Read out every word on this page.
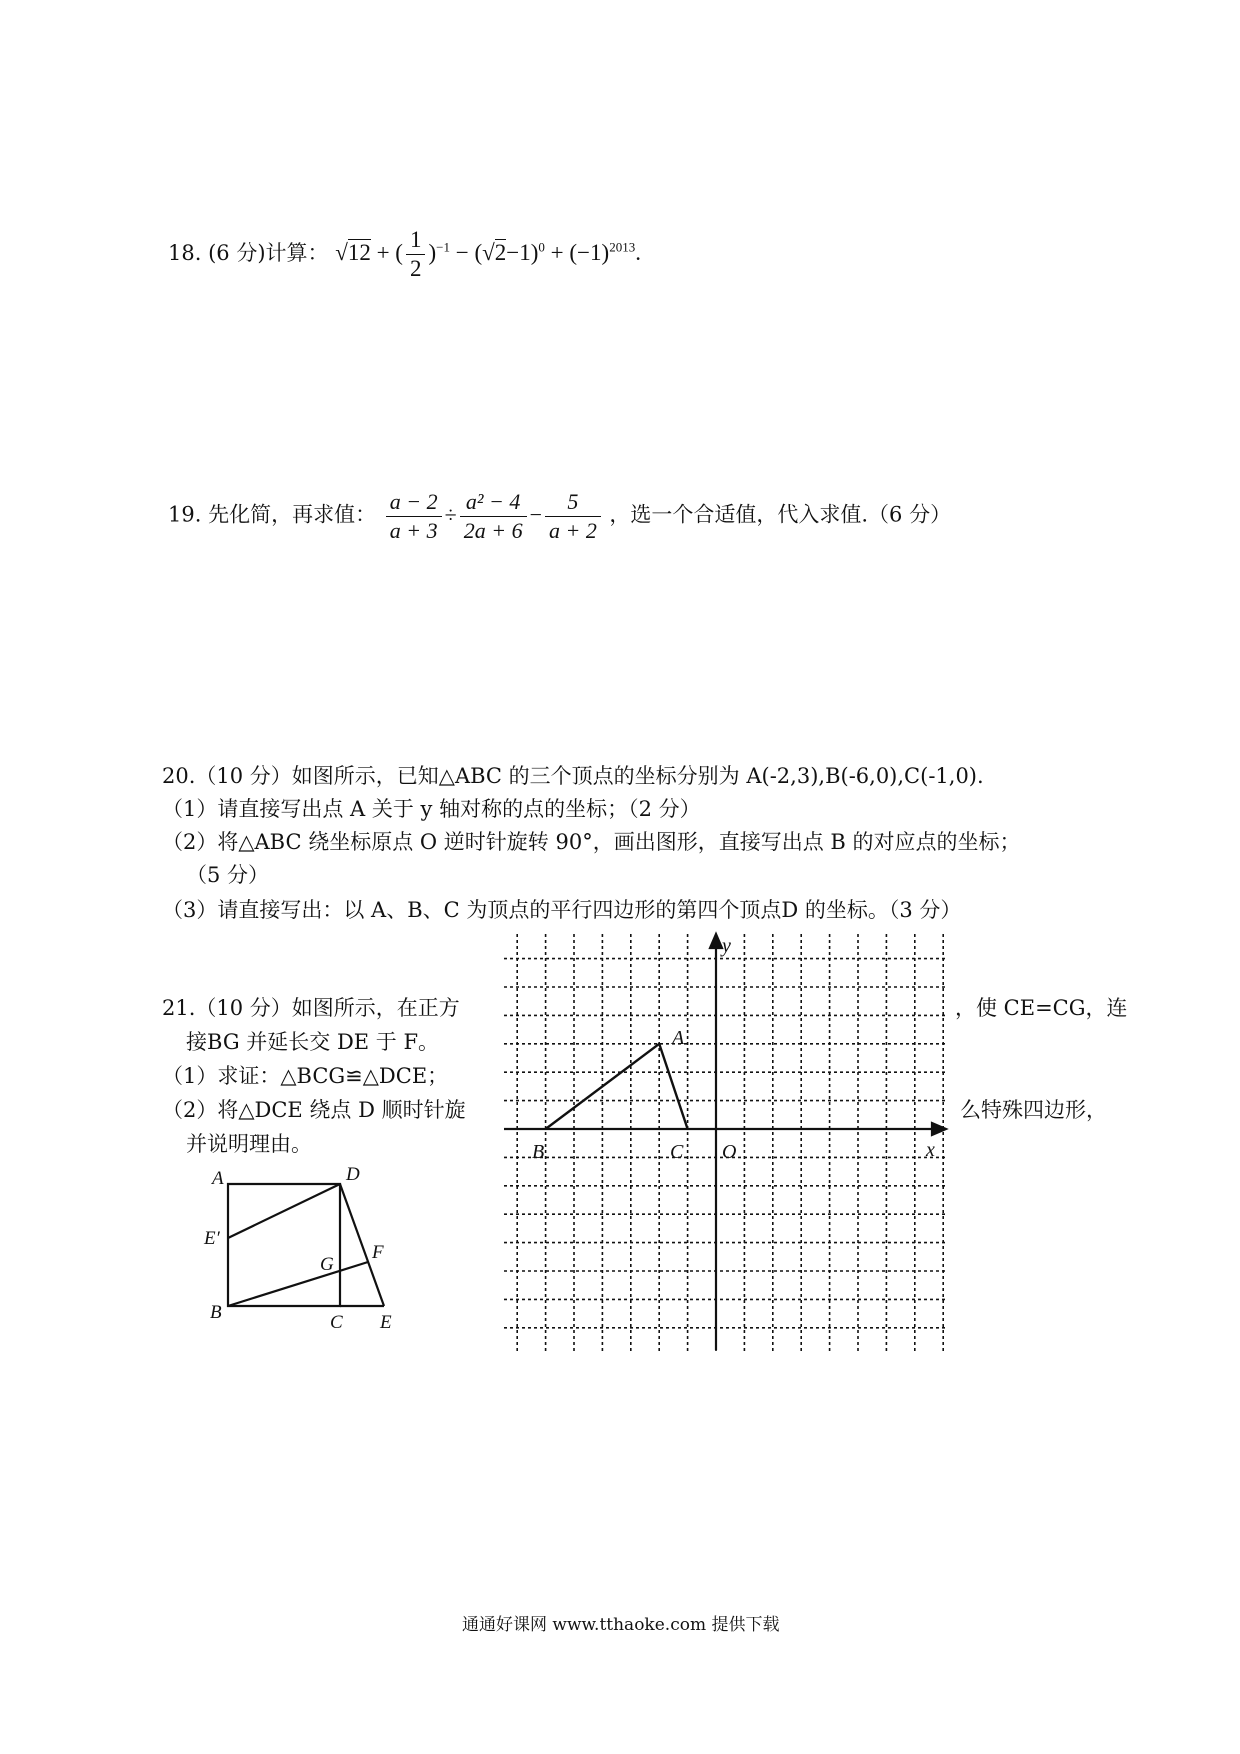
18. (6 分)计算： √12 + ( $\frac{1}{2} )^{-1} - (√2-1)^0 + (-1)^{2013}$.
19. 先化简，再求值： $\frac{a - 2}{a + 3} \div \frac{\text{a² − 4}}{2a + 6} - \frac{5}{a + 2}$ ，选一个合适值，代入求值.（6 分）
20.（10 分）如图所示，已知△ABC 的三个顶点的坐标分别为 A(-2,3),B(-6,0),C(-1,0).
（1）请直接写出点 A 关于 y 轴对称的点的坐标；（2 分）
（2）将△ABC 绕坐标原点 O 逆时针旋转 90°，画出图形，直接写出点 B 的对应点的坐标；
（5 分）
（3）请直接写出：以 A、B、C 为顶点的平行四边形的第四个顶点D 的坐标。（3 分）
21.（10 分）如图所示，在正方	，使 CE=CG，连
接BG 并延长交 DE 于 F。
（1）求证：△BCG≌△DCE；
（2）将△DCE 绕点 D 顺时针旋	么特殊四边形，
并说明理由。
A	D
E′
G
F
B	C E
y
x
A
B	C O
通通好课网 www.tthaoke.com 提供下载
